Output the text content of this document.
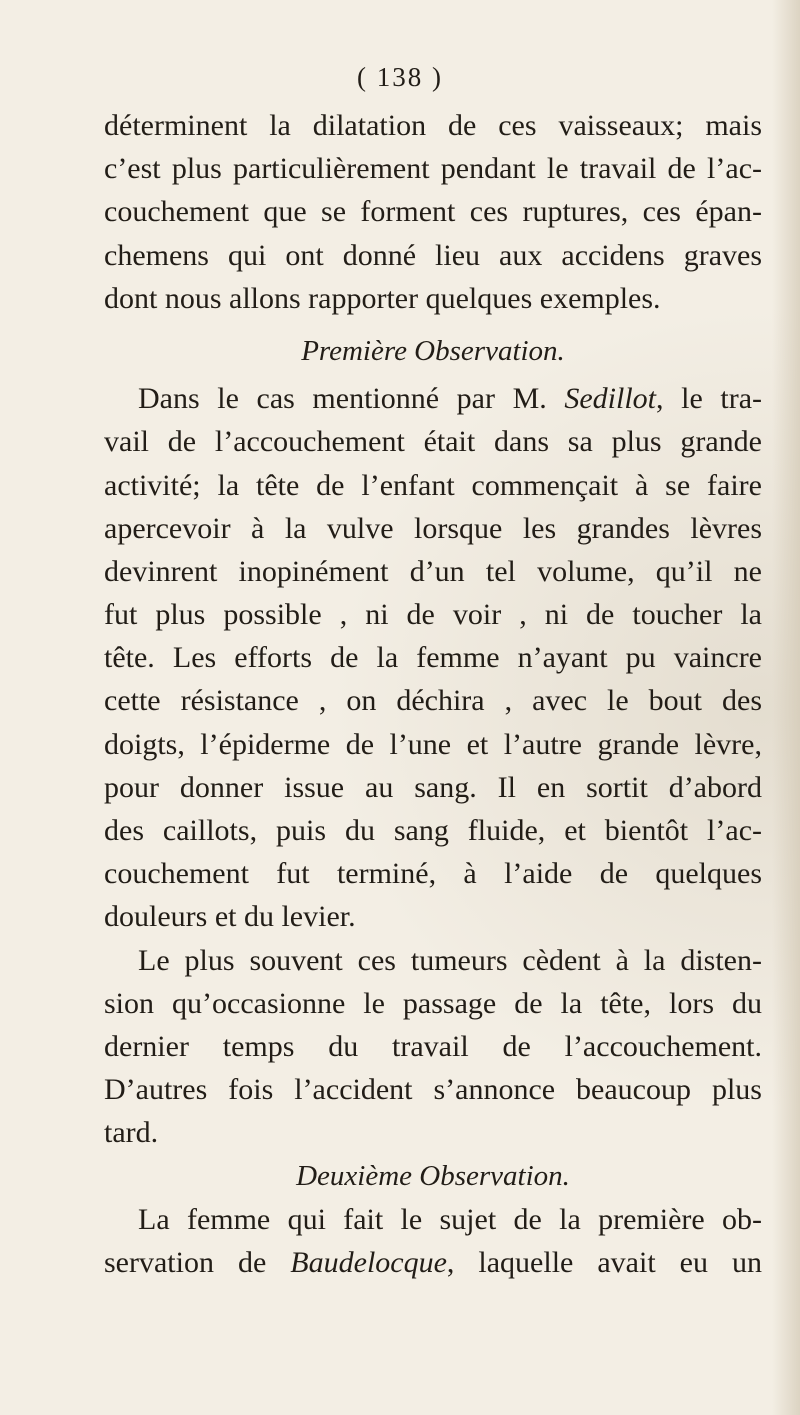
( 138 )
déterminent la dilatation de ces vaisseaux; mais
c’est plus particulièrement pendant le travail de l’ac-
couchement que se forment ces ruptures, ces épan-
chemens qui ont donné lieu aux accidens graves
dont nous allons rapporter quelques exemples.
Première Observation.
Dans le cas mentionné par M. Sedillot, le tra-
vail de l’accouchement était dans sa plus grande
activité; la tête de l’enfant commençait à se faire
apercevoir à la vulve lorsque les grandes lèvres
devinrent inopinément d’un tel volume, qu’il ne
fut plus possible , ni de voir , ni de toucher la
tête. Les efforts de la femme n’ayant pu vaincre
cette résistance , on déchira , avec le bout des
doigts, l’épiderme de l’une et l’autre grande lèvre,
pour donner issue au sang. Il en sortit d’abord
des caillots, puis du sang fluide, et bientôt l’ac-
couchement fut terminé, à l’aide de quelques
douleurs et du levier.
Le plus souvent ces tumeurs cèdent à la disten-
sion qu’occasionne le passage de la tête, lors du
dernier temps du travail de l’accouchement.
D’autres fois l’accident s’annonce beaucoup plus
tard.
Deuxième Observation.
La femme qui fait le sujet de la première ob-
servation de Baudelocque, laquelle avait eu un
